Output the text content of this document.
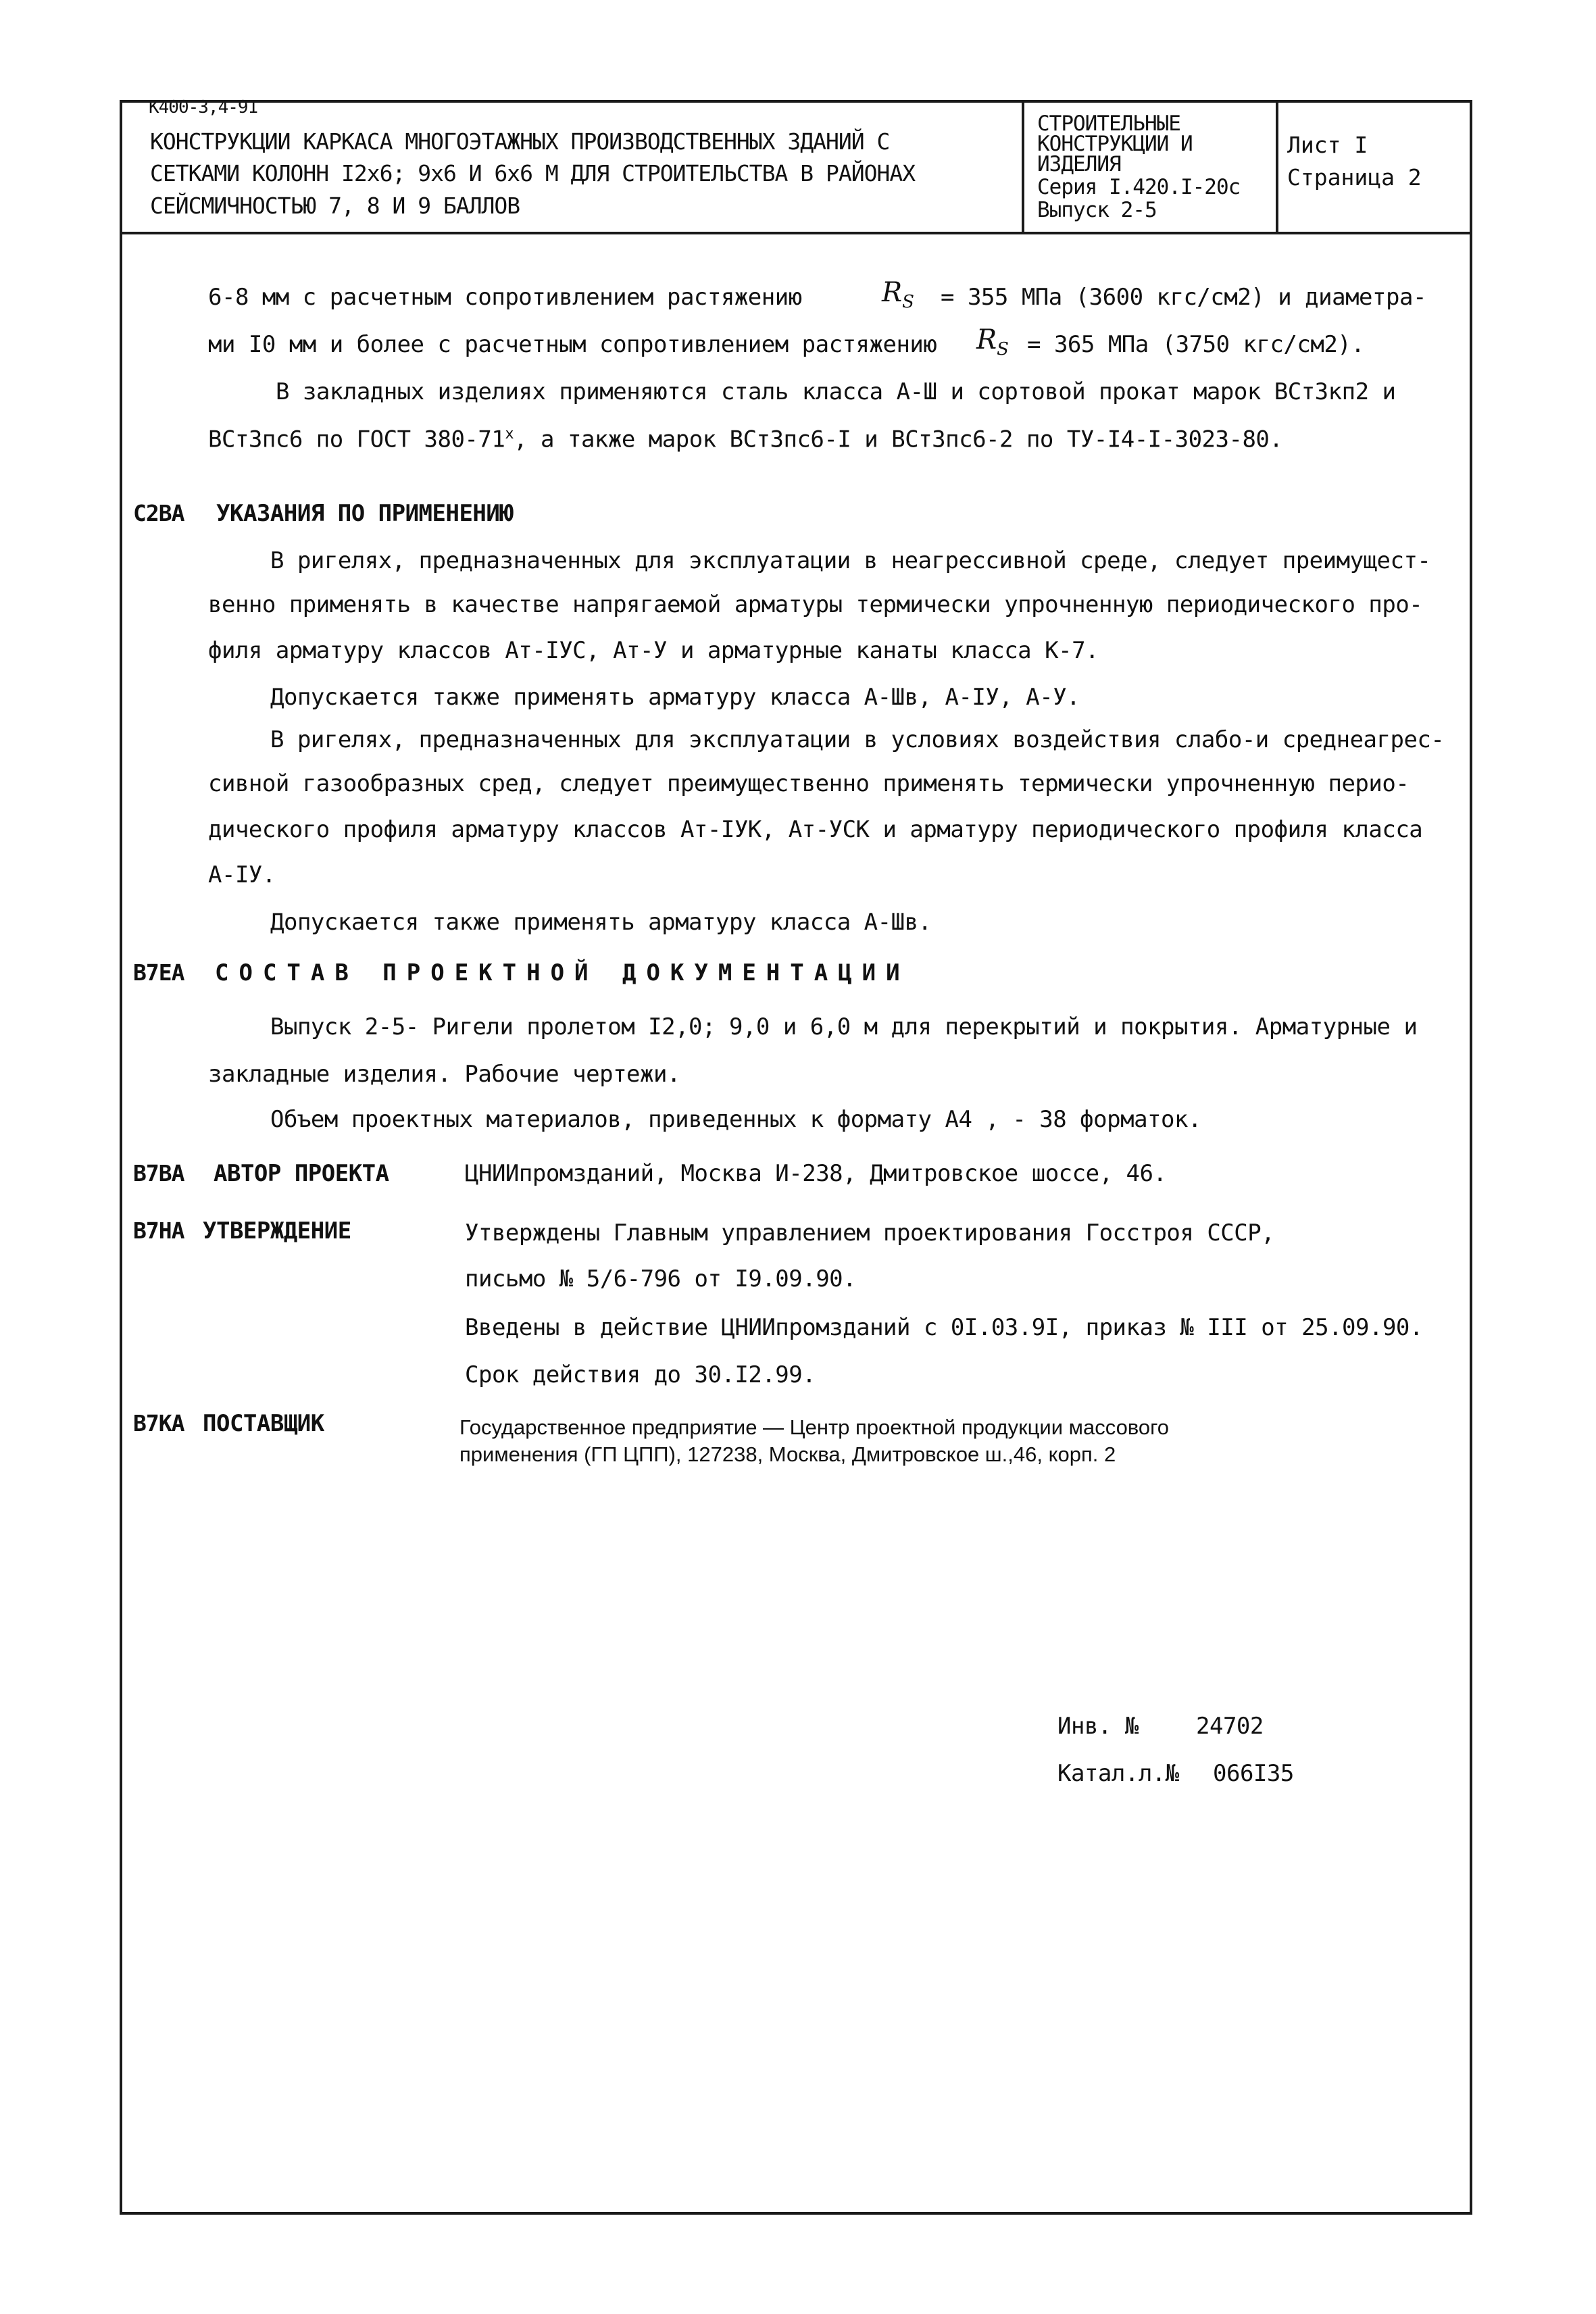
К400-3,4-91
КОНСТРУКЦИИ КАРКАСА МНОГОЭТАЖНЫХ ПРОИЗВОДСТВЕННЫХ ЗДАНИЙ С
СЕТКАМИ КОЛОНН I2х6; 9х6 И 6х6 М ДЛЯ СТРОИТЕЛЬСТВА В РАЙОНАХ
СЕЙСМИЧНОСТЬЮ 7, 8 И 9 БАЛЛОВ
СТРОИТЕЛЬНЫЕ
КОНСТРУКЦИИ И
ИЗДЕЛИЯ
Серия I.420.I-20с
Выпуск 2-5
Лист I
Страница 2
6-8 мм с расчетным сопротивлением растяжению	$R_S = 355$ МПа (3600 кгс/см2) и диаметра-
ми I0 мм и более с расчетным сопротивлением растяжению $R_S = 365$ МПа (3750 кгс/см2).
В закладных изделиях применяются сталь класса А-Ш и сортовой прокат марок ВСт3кп2 и
ВСт3пс6 по ГОСТ $380-71^х$, а также марок ВСт3пс6-I и ВСт3пс6-2 по ТУ-I4-I-3023-80.
С2ВА УКАЗАНИЯ ПО ПРИМЕНЕНИЮ
В ригелях, предназначенных для эксплуатации в неагрессивной среде, следует преимущест-
венно применять в качестве напрягаемой арматуры термически упрочненную периодического про-
филя арматуру классов Ат-IУС, Ат-У и арматурные канаты класса К-7.
Допускается также применять арматуру класса А-Шв, А-IУ, А-У.
В ригелях, предназначенных для эксплуатации в условиях воздействия слабо-и среднеагрес-
сивной газообразных сред, следует преимущественно применять термически упрочненную перио-
дического профиля арматуру классов Ат-IУК, Ат-УСК и арматуру периодического профиля класса
А-IУ.
Допускается также применять арматуру класса А-Шв.
В7ЕА СОСТАВ ПРОЕКТНОЙ ДОКУМЕНТАЦИИ
Выпуск 2-5- Ригели пролетом I2,0; 9,0 и 6,0 м для перекрытий и покрытия. Арматурные и
закладные изделия. Рабочие чертежи.
Объем проектных материалов, приведенных к формату А4 , - 38 форматок.
В7ВА АВТОР ПРОЕКТА	ЦНИИпромзданий, Москва И-238, Дмитровское шоссе, 46.
В7НА УТВЕРЖДЕНИЕ	Утверждены Главным управлением проектирования Госстроя СССР,
письмо № 5/6-796 от I9.09.90.
Введены в действие ЦНИИпромзданий с 0I.03.9I, приказ № III от 25.09.90.
Срок действия до 30.I2.99.
В7КА ПОСТАВЩИК	Государственное предприятие — Центр проектной продукции массового
применения (ГП ЦПП), 127238, Москва, Дмитровское ш.,46, корп. 2
Инв. №	24702
Катал.л.№ 066I35
